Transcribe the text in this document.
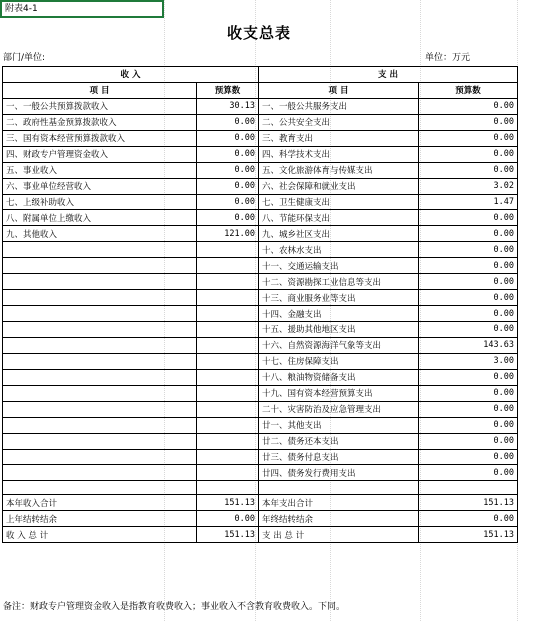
附表4-1
收支总表
部门/单位:	单位：万元
收 入		支 出	
项 目	预算数	项 目	预算数
一、一般公共预算拨款收入	30.13	一、一般公共服务支出	0.00
二、政府性基金预算拨款收入	0.00	二、公共安全支出	0.00
三、国有资本经营预算拨款收入	0.00	三、教育支出	0.00
四、财政专户管理资金收入	0.00	四、科学技术支出	0.00
五、事业收入	0.00	五、文化旅游体育与传媒支出	0.00
六、事业单位经营收入	0.00	六、社会保障和就业支出	3.02
七、上级补助收入	0.00	七、卫生健康支出	1.47
八、附属单位上缴收入	0.00	八、节能环保支出	0.00
九、其他收入	121.00	九、城乡社区支出	0.00
		十、农林水支出	0.00
		十一、交通运输支出	0.00
		十二、资源勘探工业信息等支出	0.00
		十三、商业服务业等支出	0.00
		十四、金融支出	0.00
		十五、援助其他地区支出	0.00
		十六、自然资源海洋气象等支出	143.63
		十七、住房保障支出	3.00
		十八、粮油物资储备支出	0.00
		十九、国有资本经营预算支出	0.00
		二十、灾害防治及应急管理支出	0.00
		廿一、其他支出	0.00
		廿二、债务还本支出	0.00
		廿三、债务付息支出	0.00
		廿四、债务发行费用支出	0.00

本年收入合计	151.13	本年支出合计	151.13
上年结转结余	0.00	年终结转结余	0.00
收 入 总 计	151.13	支 出 总 计	151.13
备注：财政专户管理资金收入是指教育收费收入；事业收入不含教育收费收入。下同。
